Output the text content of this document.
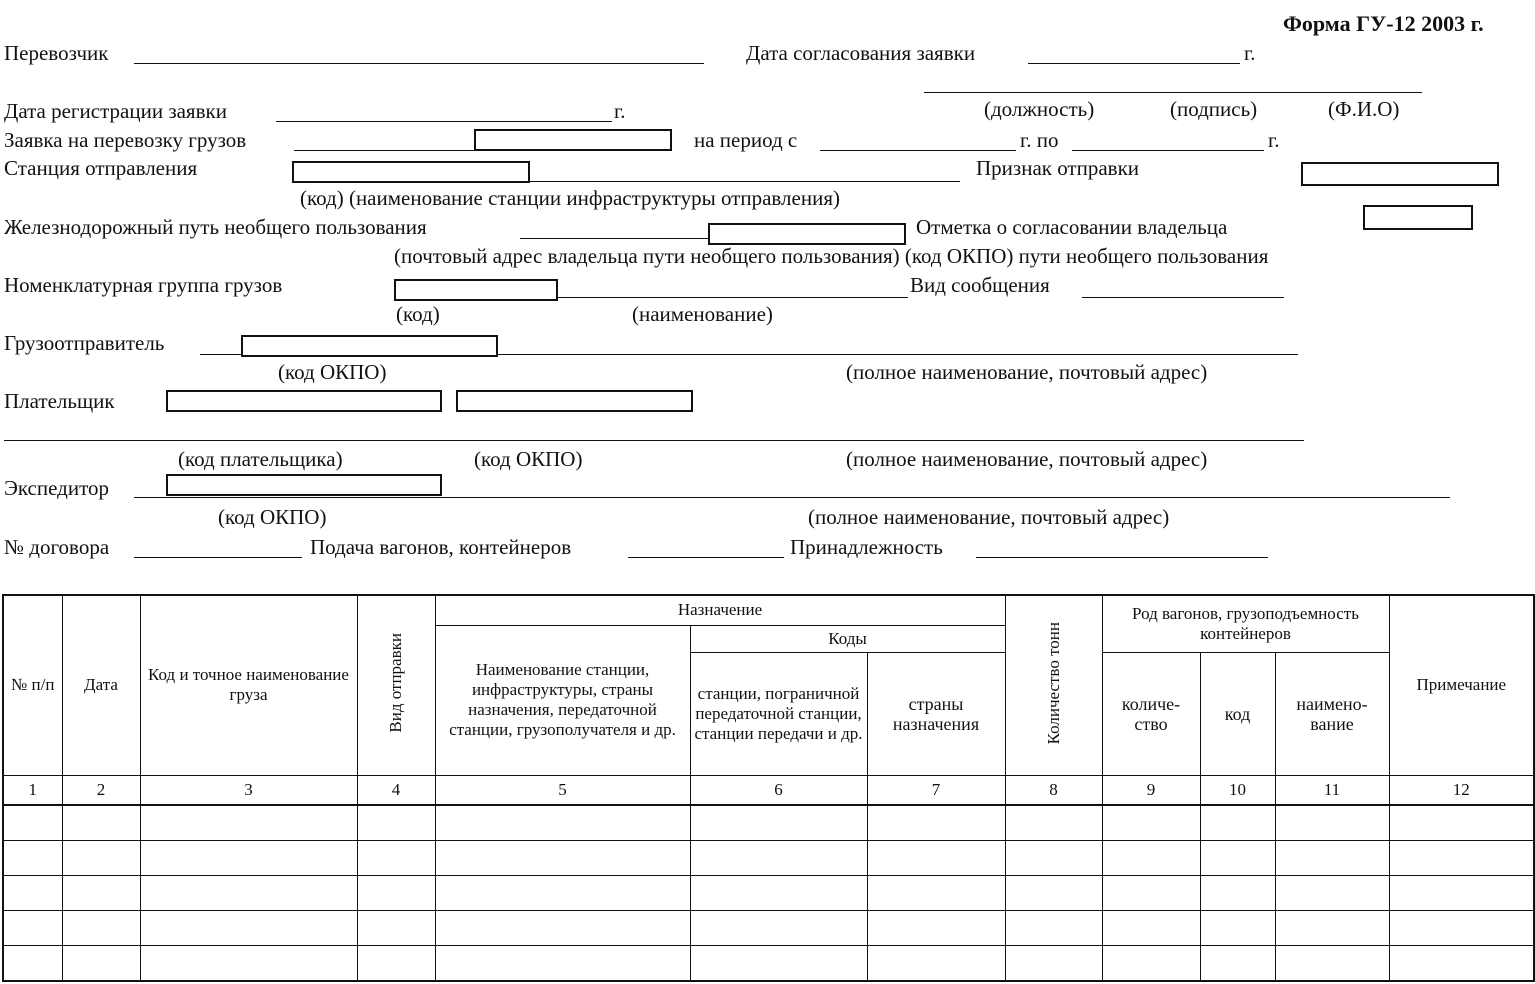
Форма ГУ-12 2003 г.
Перевозчик	Дата согласования заявки	г.
Дата регистрации заявки	г.	(должность)	(подпись)	(Ф.И.О)
Заявка на перевозку грузов	на период с	г. по	г.
Станция отправления	Признак отправки
(код) (наименование станции инфраструктуры отправления)
Железнодорожный путь необщего пользования	Отметка о согласовании владельца
(почтовый адрес владельца пути необщего пользования) (код ОКПО) пути необщего пользования
Номенклатурная группа грузов	Вид сообщения
(код)	(наименование)
Грузоотправитель
(код ОКПО)	(полное наименование, почтовый адрес)
Плательщик
(код плательщика)	(код ОКПО)	(полное наименование, почтовый адрес)
Экспедитор
(код ОКПО)	(полное наименование, почтовый адрес)
№ договора	Подача вагонов, контейнеров	Принадлежность
№ п/п	Дата	Код и точное наименование груза	Вид отправки	Назначение			Количество тонн	Род вагонов, грузоподъемность контейнеров			Примечание
				Наименование станции, инфраструктуры, страны назначения, передаточной станции, грузополучателя и др.	Коды						
					станции, пограничной передаточной станции, станции передачи и др.	страны назначения		количе- ство	код	наимено- вание	
1	2	3	4	5	6	7	8	9	10	11	12
